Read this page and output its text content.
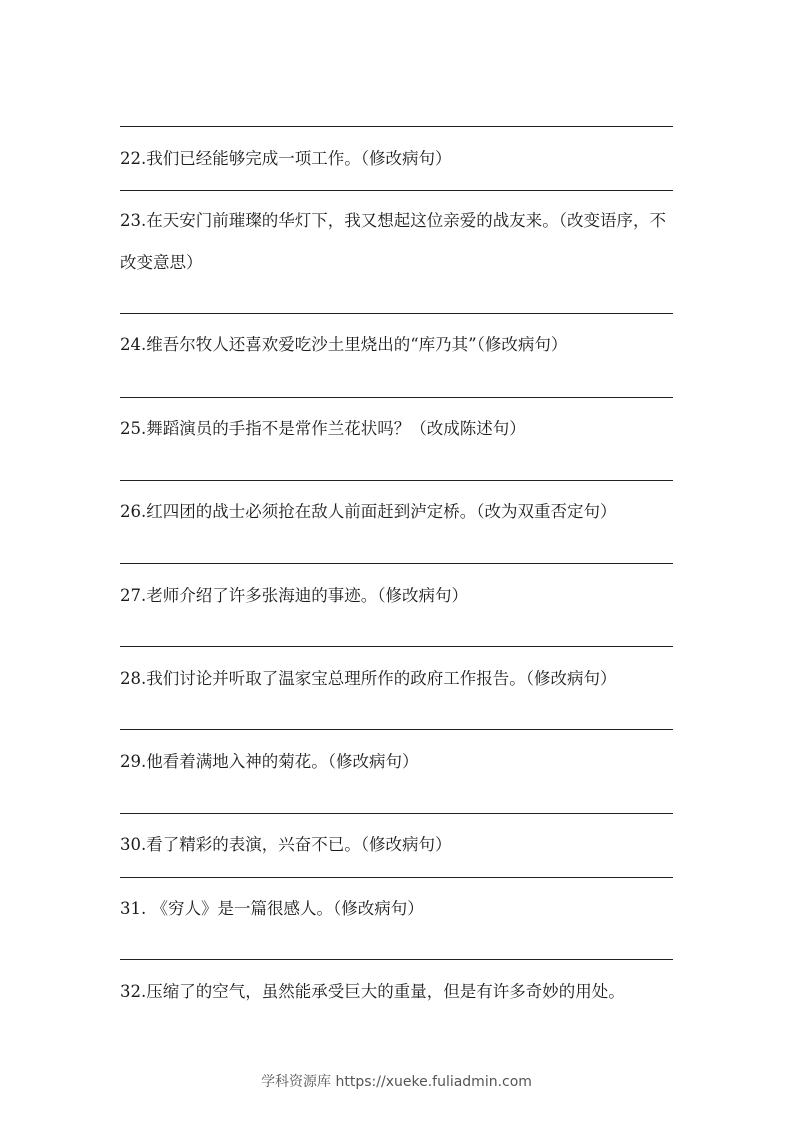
22.我们已经能够完成一项工作。（修改病句）
23.在天安门前璀璨的华灯下，我又想起这位亲爱的战友来。（改变语序，不改变意思）
24.维吾尔牧人还喜欢爱吃沙土里烧出的“库乃其”（修改病句）
25.舞蹈演员的手指不是常作兰花状吗？（改成陈述句）
26.红四团的战士必须抢在敌人前面赶到泸定桥。（改为双重否定句）
27.老师介绍了许多张海迪的事迹。（修改病句）
28.我们讨论并听取了温家宝总理所作的政府工作报告。（修改病句）
29.他看着满地入神的菊花。（修改病句）
30.看了精彩的表演，兴奋不已。（修改病句）
31. 《穷人》是一篇很感人。（修改病句）
32.压缩了的空气，虽然能承受巨大的重量，但是有许多奇妙的用处。
学科资源库 https://xueke.fuliadmin.com
